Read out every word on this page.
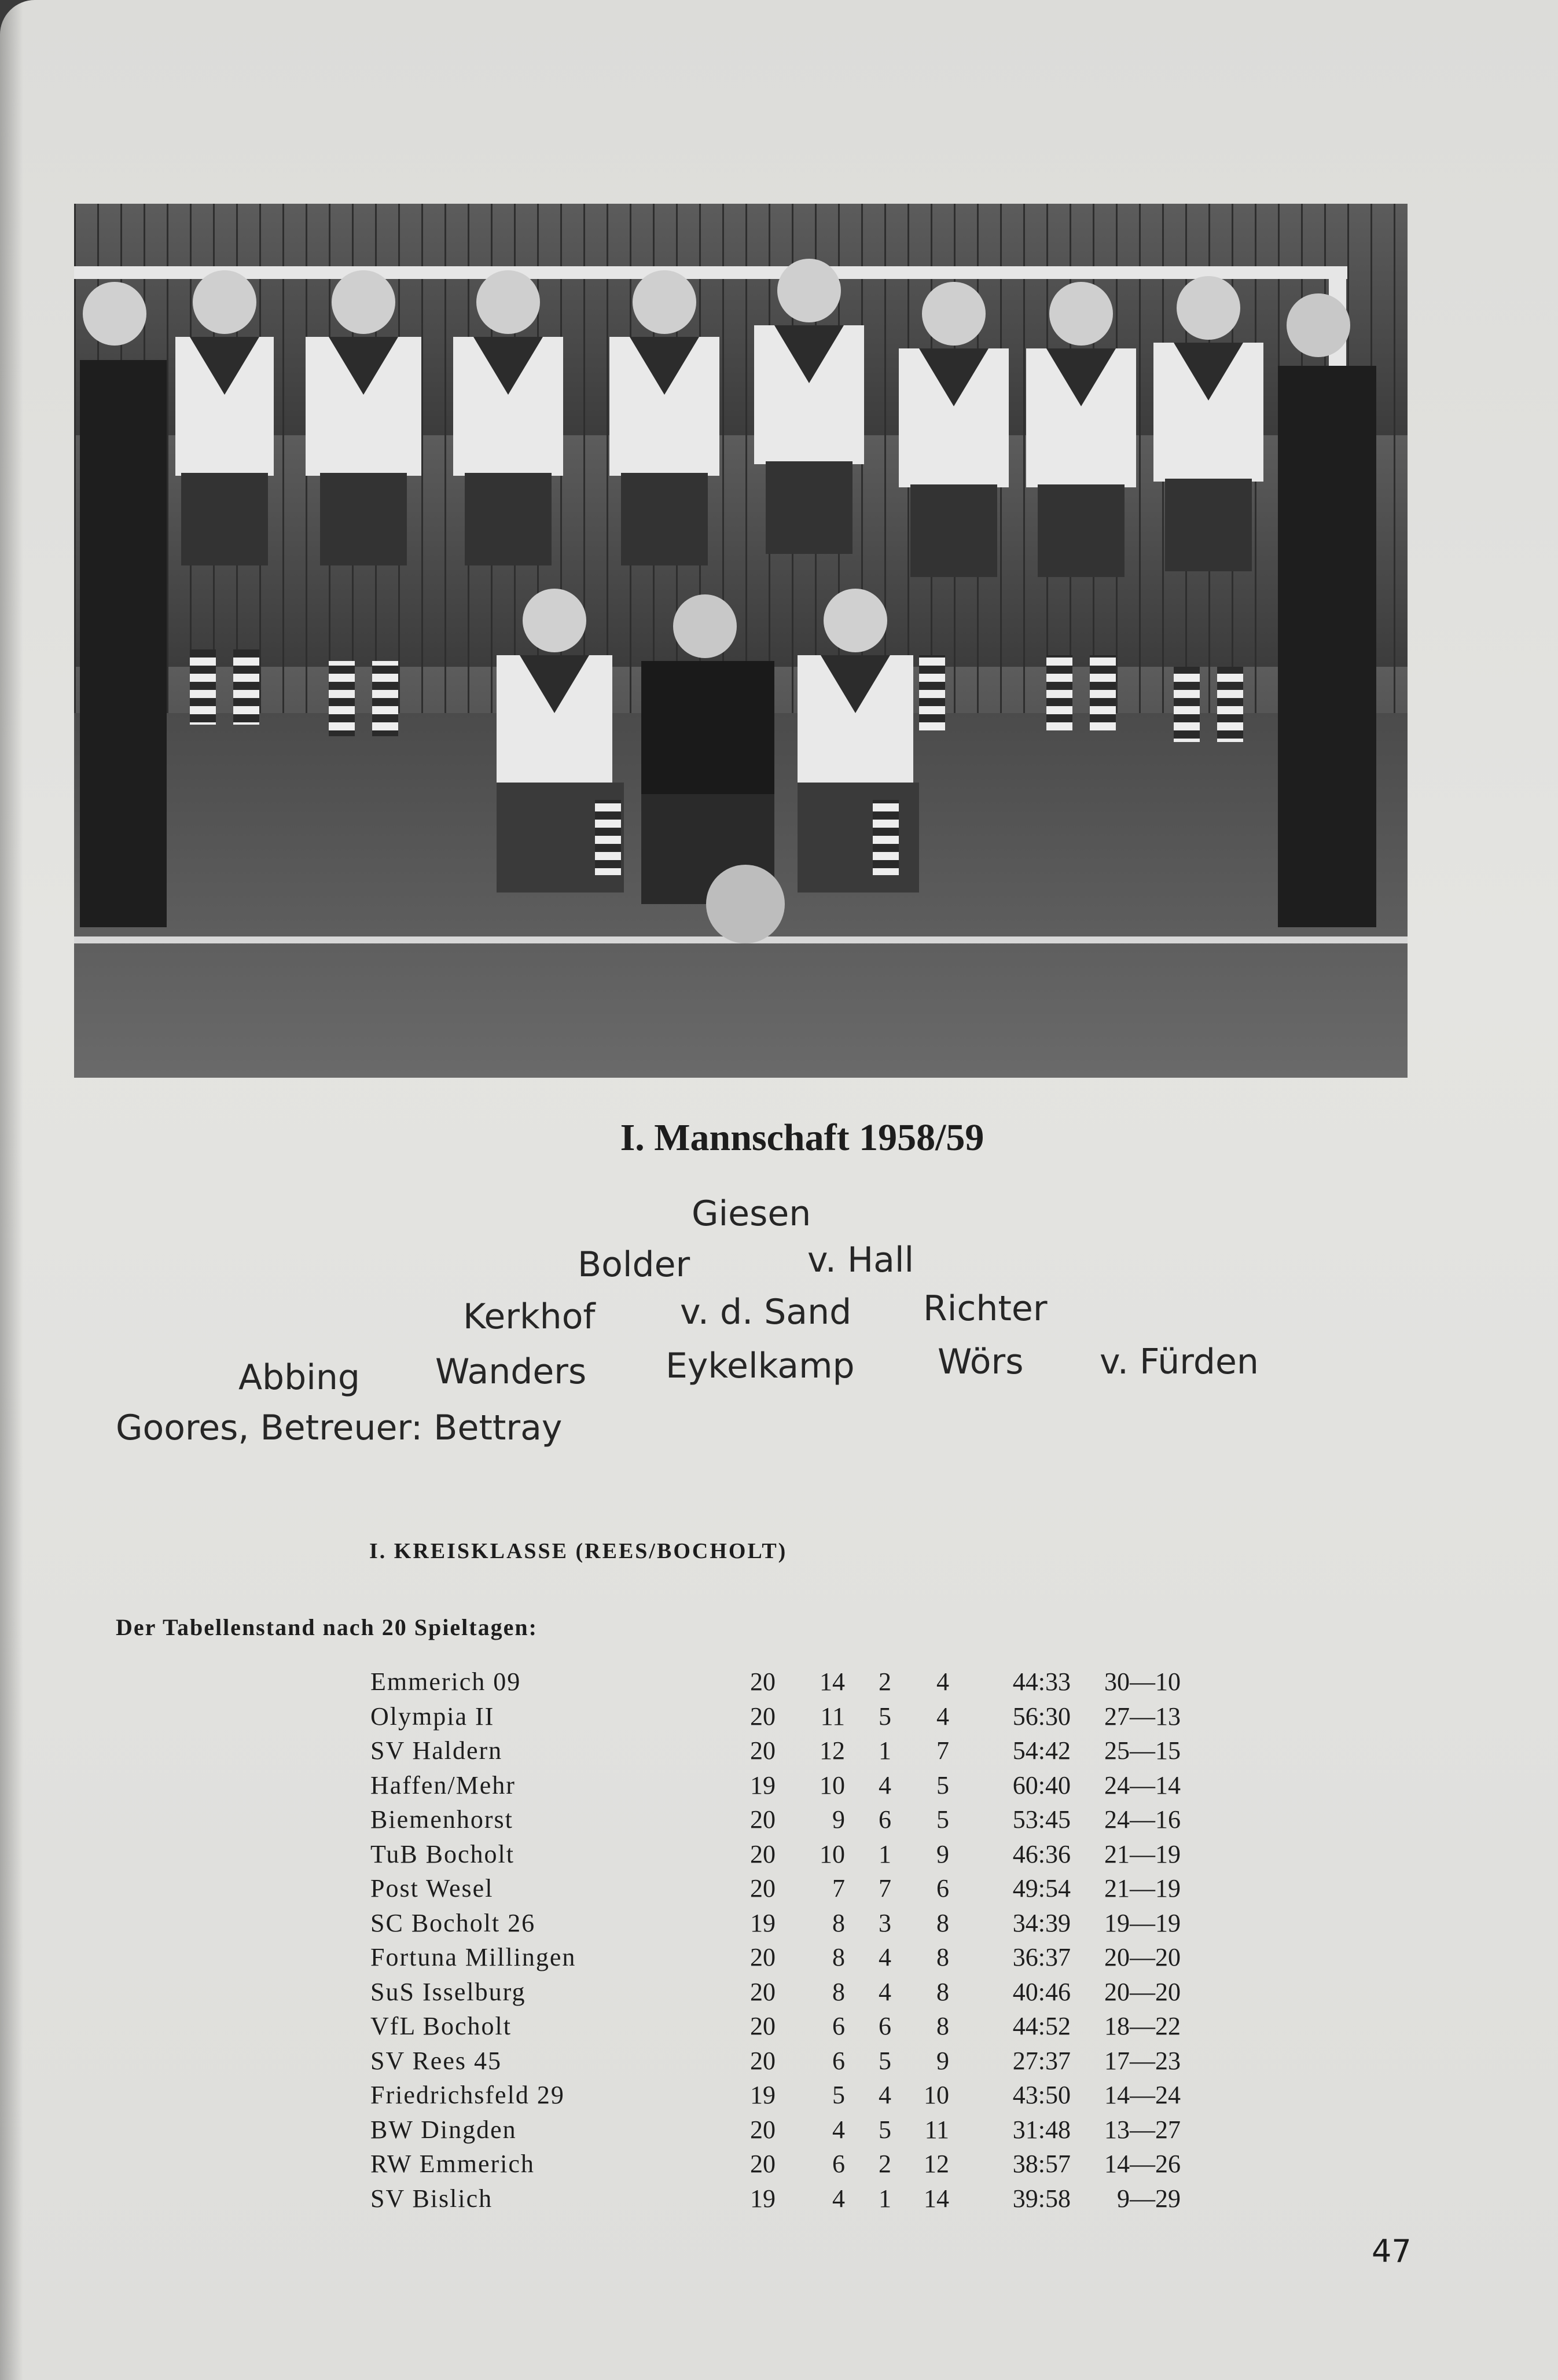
I. Mannschaft 1958/59
Giesen
Bolder	v. Hall
Kerkhof v. d. Sand Richter
Abbing Wanders Eykelkamp Wörs v. Fürden
Goores, Betreuer: Bettray
I. KREISKLASSE (REES/BOCHOLT)
Der Tabellenstand nach 20 Spieltagen:
Emmerich 09	20	14	2	4	44:33	30—10
Olympia II	20	11	5	4	56:30	27—13
SV Haldern	20	12	1	7	54:42	25—15
Haffen/Mehr	19	10	4	5	60:40	24—14
Biemenhorst	20	9	6	5	53:45	24—16
TuB Bocholt	20	10	1	9	46:36	21—19
Post Wesel	20	7	7	6	49:54	21—19
SC Bocholt 26	19	8	3	8	34:39	19—19
Fortuna Millingen	20	8	4	8	36:37	20—20
SuS Isselburg	20	8	4	8	40:46	20—20
VfL Bocholt	20	6	6	8	44:52	18—22
SV Rees 45	20	6	5	9	27:37	17—23
Friedrichsfeld 29	19	5	4	10	43:50	14—24
BW Dingden	20	4	5	11	31:48	13—27
RW Emmerich	20	6	2	12	38:57	14—26
SV Bislich	19	4	1	14	39:58	9—29
47
